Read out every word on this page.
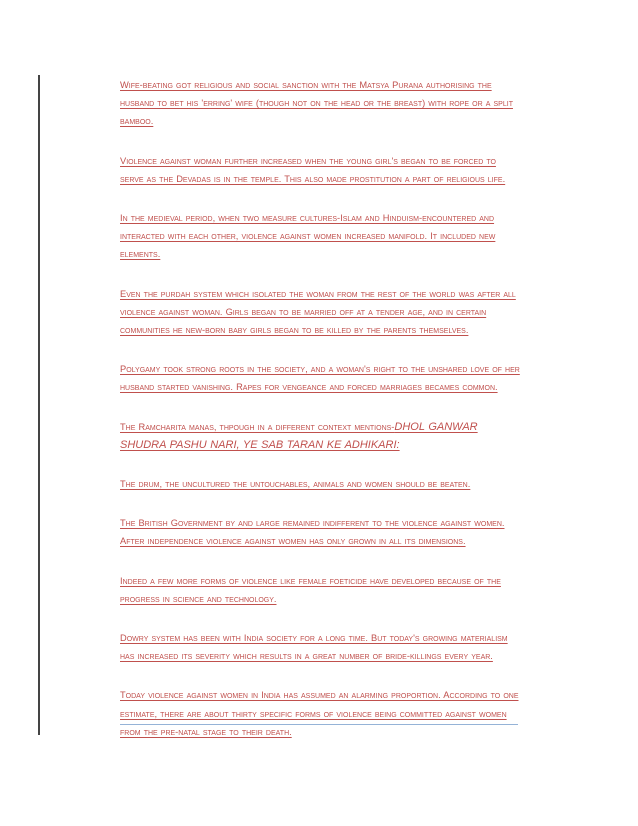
Wife-beating got religious and social sanction with the Matsya Purana authorising the husband to bet his 'erring' wife (though not on the head or the breast) with rope or a split bamboo.

Violence against woman further increased when the young girl's began to be forced to serve as the Devadas is in the temple. This also made prostitution a part of religious life.

In the medieval period, when two measure cultures-Islam and Hinduism-encountered and interacted with each other, violence against women increased manifold. It included new elements.

Even the purdah system which isolated the woman from the rest of the world was after all violence against woman. Girls began to be married off at a tender age, and in certain communities he new-born baby girls began to be killed by the parents themselves.

Polygamy took strong roots in the society, and a woman's right to the unshared love of her husband started vanishing. Rapes for vengeance and forced marriages becames common.

The Ramcharita manas, thpough in a different context mentions-DHOL GANWAR SHUDRA PASHU NARI, YE SAB TARAN KE ADHIKARI:

The drum, the uncultured the untouchables, animals and women should be beaten.

The British Government by and large remained indifferent to the violence against women. After independence violence against women has only grown in all its dimensions.

Indeed a few more forms of violence like female foeticide have developed because of the progress in science and technology.

Dowry system has been with India society for a long time. But today's growing materialism has increased its severity which results in a great number of bride-killings every year.

Today violence against women in India has assumed an alarming proportion. According to one estimate, there are about thirty specific forms of violence being committed against women from the pre-natal stage to their death.
